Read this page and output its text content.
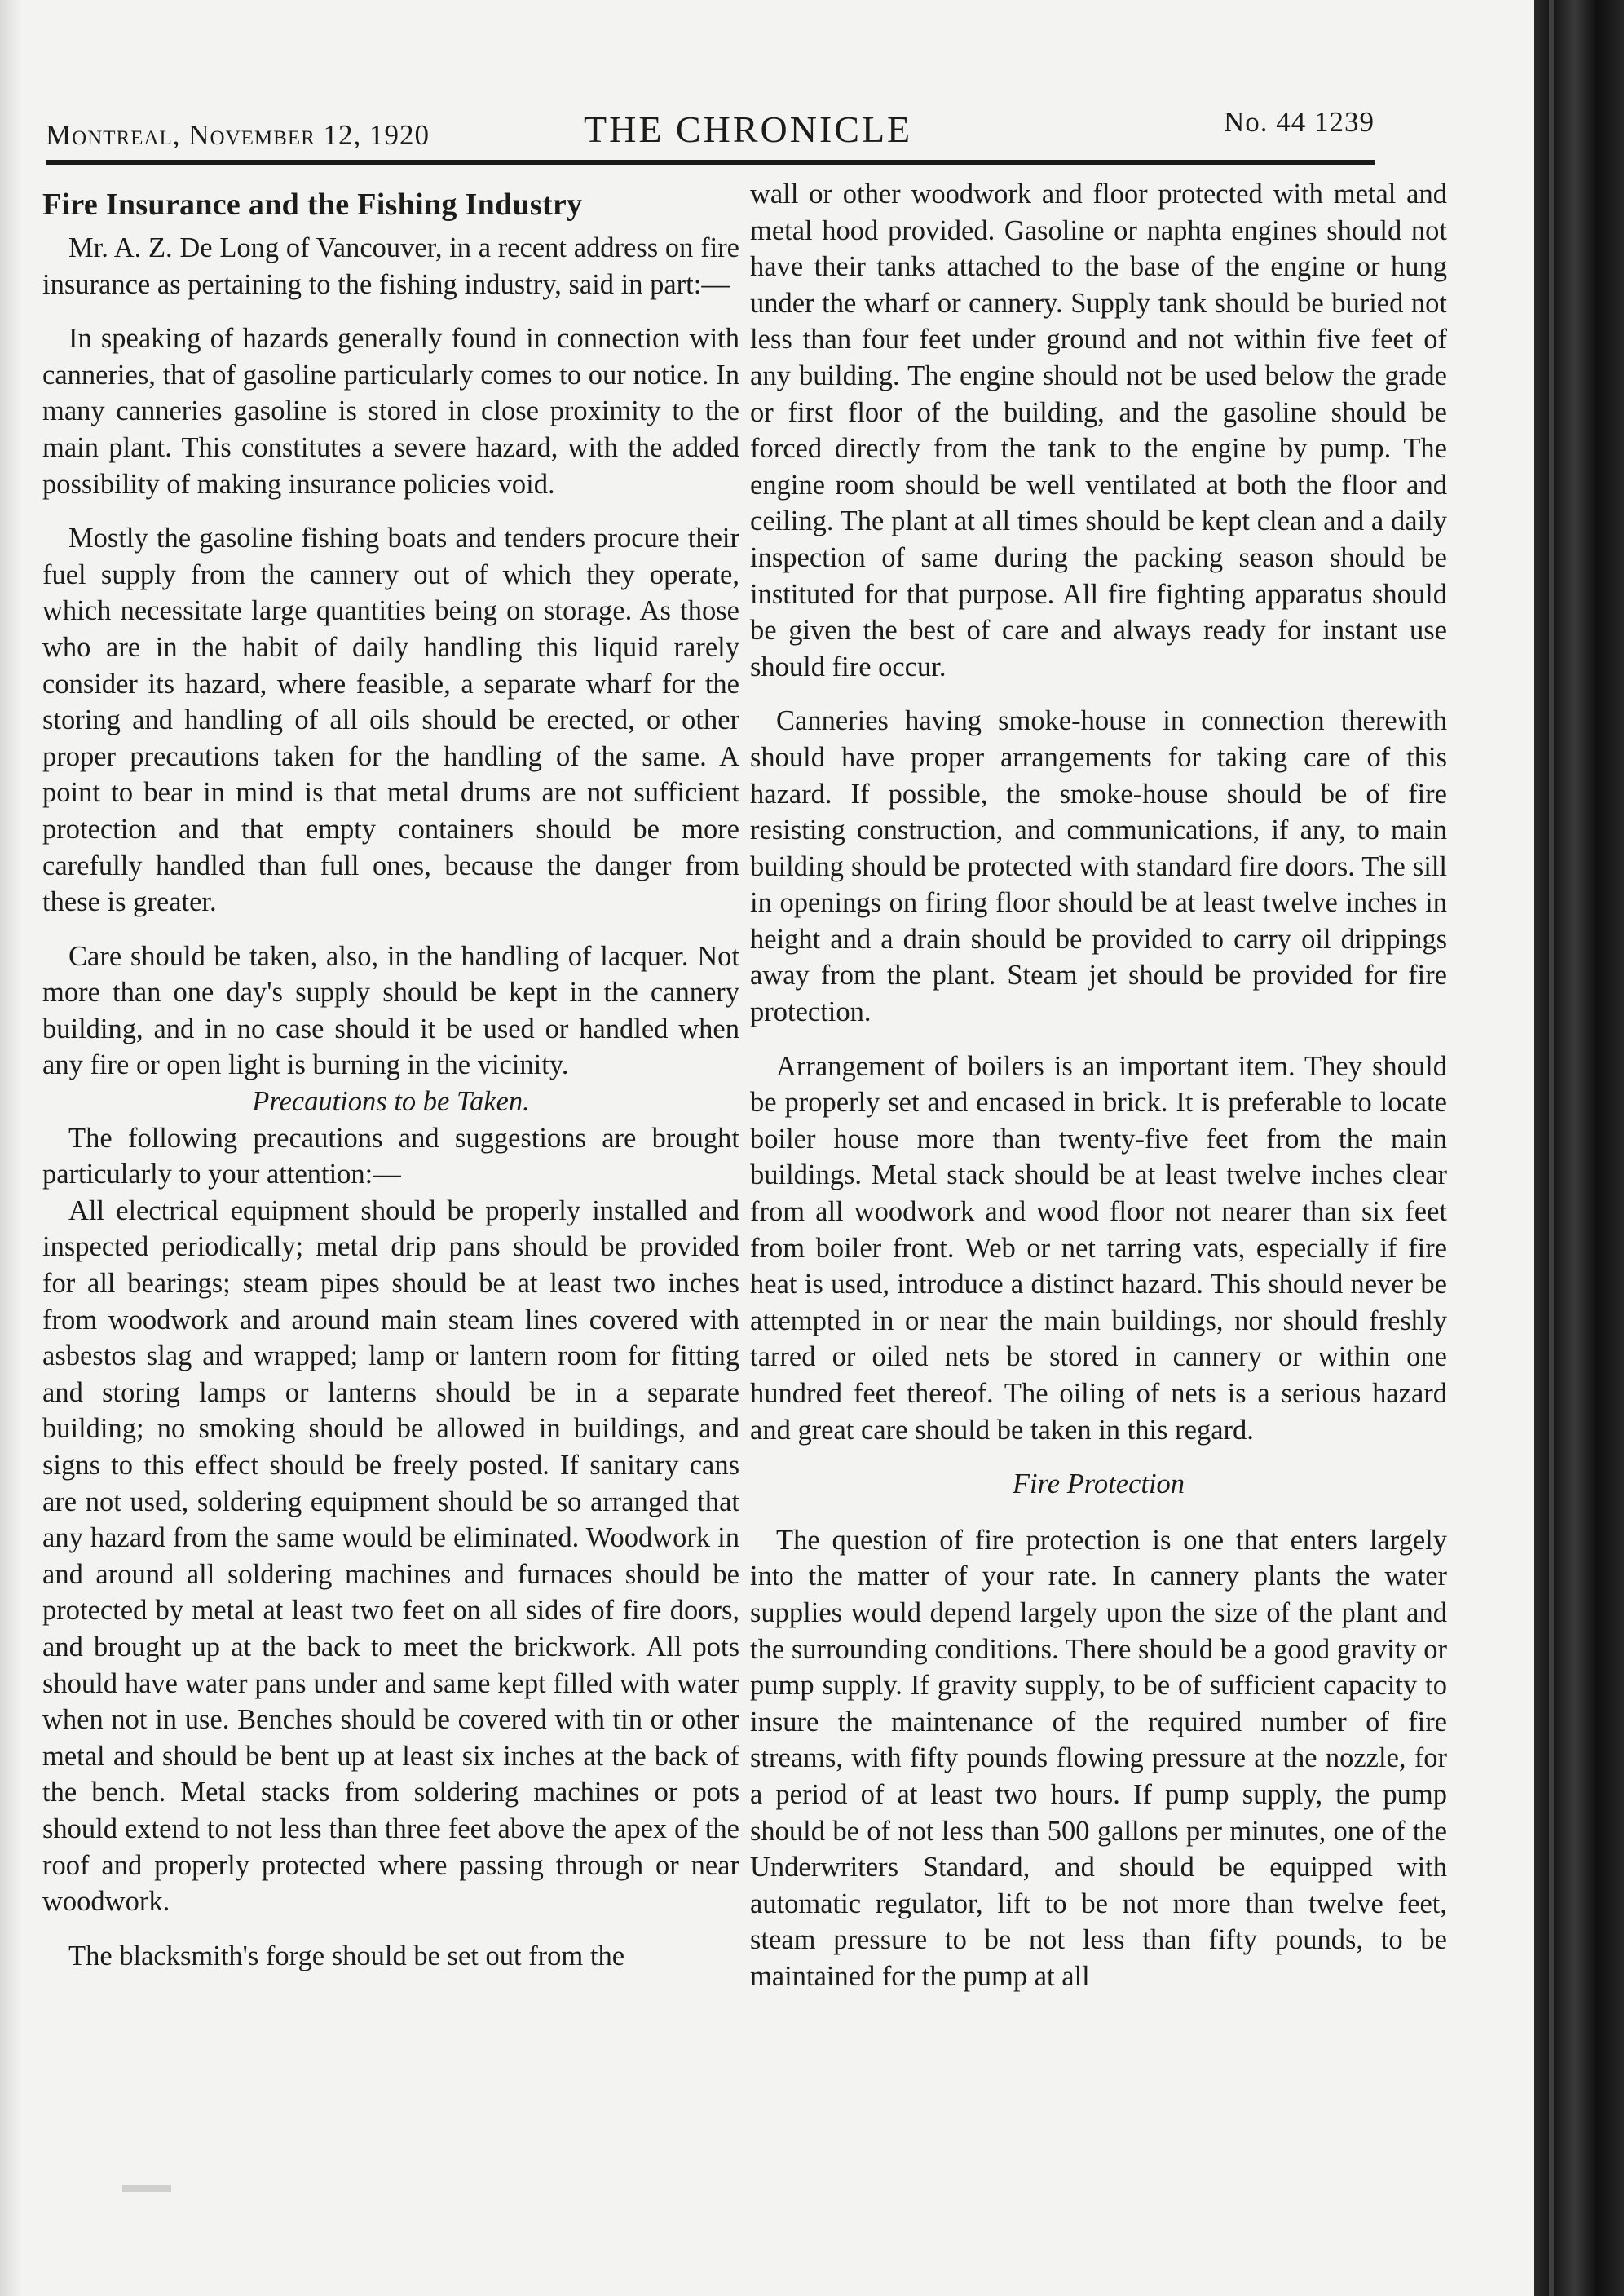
Montreal, November 12, 1920	THE CHRONICLE	No. 44 1239
Fire Insurance and the Fishing Industry

Mr. A. Z. De Long of Vancouver, in a recent address on fire insurance as pertaining to the fishing industry, said in part:—

In speaking of hazards generally found in connection with canneries, that of gasoline particularly comes to our notice. In many canneries gasoline is stored in close proximity to the main plant. This constitutes a severe hazard, with the added possibility of making insurance policies void.

Mostly the gasoline fishing boats and tenders procure their fuel supply from the cannery out of which they operate, which necessitate large quantities being on storage. As those who are in the habit of daily handling this liquid rarely consider its hazard, where feasible, a separate wharf for the storing and handling of all oils should be erected, or other proper precautions taken for the handling of the same. A point to bear in mind is that metal drums are not sufficient protection and that empty containers should be more carefully handled than full ones, because the danger from these is greater.

Care should be taken, also, in the handling of lacquer. Not more than one day's supply should be kept in the cannery building, and in no case should it be used or handled when any fire or open light is burning in the vicinity.

Precautions to be Taken.

The following precautions and suggestions are brought particularly to your attention:—

All electrical equipment should be properly installed and inspected periodically; metal drip pans should be provided for all bearings; steam pipes should be at least two inches from woodwork and around main steam lines covered with asbestos slag and wrapped; lamp or lantern room for fitting and storing lamps or lanterns should be in a separate building; no smoking should be allowed in buildings, and signs to this effect should be freely posted. If sanitary cans are not used, soldering equipment should be so arranged that any hazard from the same would be eliminated. Woodwork in and around all soldering machines and furnaces should be protected by metal at least two feet on all sides of fire doors, and brought up at the back to meet the brickwork. All pots should have water pans under and same kept filled with water when not in use. Benches should be covered with tin or other metal and should be bent up at least six inches at the back of the bench. Metal stacks from soldering machines or pots should extend to not less than three feet above the apex of the roof and properly protected where passing through or near woodwork.

The blacksmith's forge should be set out from the

wall or other woodwork and floor protected with metal and metal hood provided. Gasoline or naphta engines should not have their tanks attached to the base of the engine or hung under the wharf or cannery. Supply tank should be buried not less than four feet under ground and not within five feet of any building. The engine should not be used below the grade or first floor of the building, and the gasoline should be forced directly from the tank to the engine by pump. The engine room should be well ventilated at both the floor and ceiling. The plant at all times should be kept clean and a daily inspection of same during the packing season should be instituted for that purpose. All fire fighting apparatus should be given the best of care and always ready for instant use should fire occur.

Canneries having smoke-house in connection therewith should have proper arrangements for taking care of this hazard. If possible, the smoke-house should be of fire resisting construction, and communications, if any, to main building should be protected with standard fire doors. The sill in openings on firing floor should be at least twelve inches in height and a drain should be provided to carry oil drippings away from the plant. Steam jet should be provided for fire protection.

Arrangement of boilers is an important item. They should be properly set and encased in brick. It is preferable to locate boiler house more than twenty-five feet from the main buildings. Metal stack should be at least twelve inches clear from all woodwork and wood floor not nearer than six feet from boiler front. Web or net tarring vats, especially if fire heat is used, introduce a distinct hazard. This should never be attempted in or near the main buildings, nor should freshly tarred or oiled nets be stored in cannery or within one hundred feet thereof. The oiling of nets is a serious hazard and great care should be taken in this regard.

Fire Protection

The question of fire protection is one that enters largely into the matter of your rate. In cannery plants the water supplies would depend largely upon the size of the plant and the surrounding conditions. There should be a good gravity or pump supply. If gravity supply, to be of sufficient capacity to insure the maintenance of the required number of fire streams, with fifty pounds flowing pressure at the nozzle, for a period of at least two hours. If pump supply, the pump should be of not less than 500 gallons per minutes, one of the Underwriters Standard, and should be equipped with automatic regulator, lift to be not more than twelve feet, steam pressure to be not less than fifty pounds, to be maintained for the pump at all
